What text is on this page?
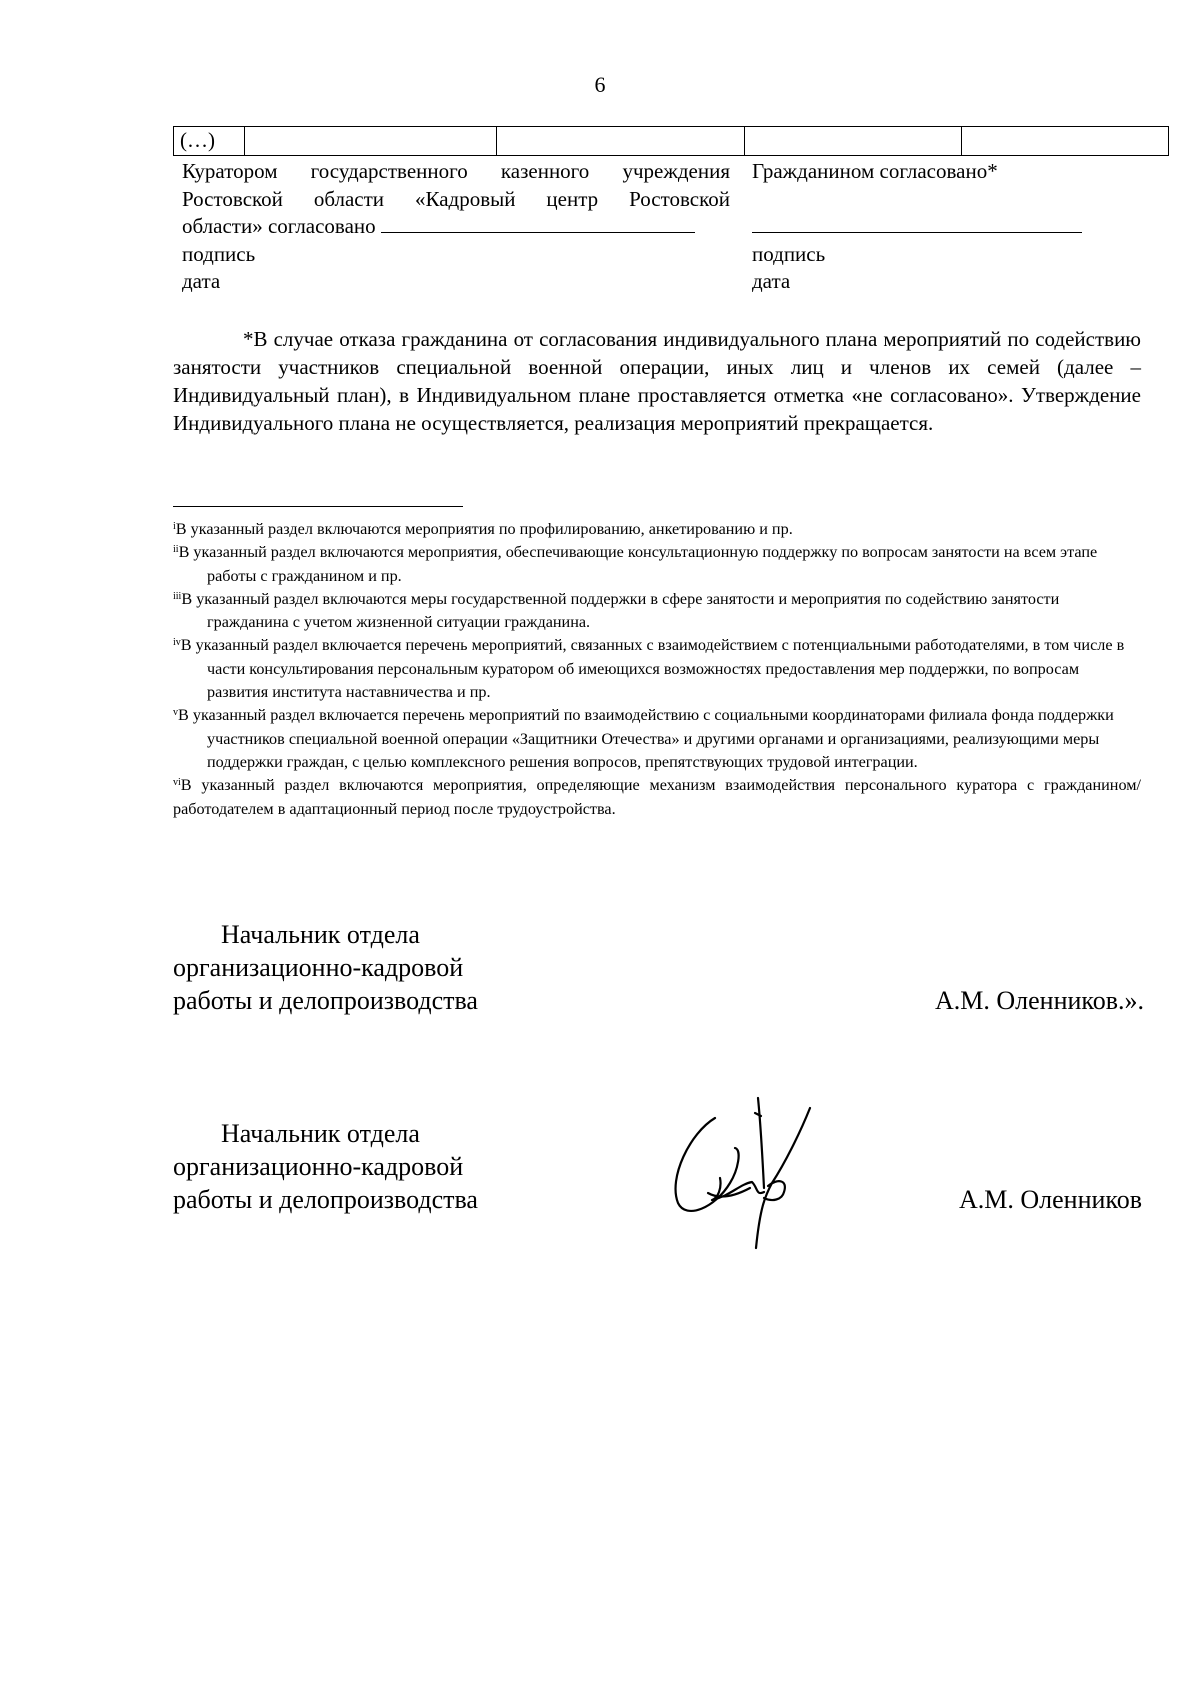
6
(…)				
Куратором государственного казенного учреждения
Ростовской области «Кадровый центр Ростовской
области» согласовано
подпись
дата
Гражданином согласовано*
подпись
дата

*В случае отказа гражданина от согласования индивидуального плана мероприятий по содействию занятости участников специальной военной операции, иных лиц и членов их семей (далее – Индивидуальный план), в Индивидуальном плане проставляется отметка «не согласовано». Утверждение Индивидуального плана не осуществляется, реализация мероприятий прекращается.

$^i$В указанный раздел включаются мероприятия по профилированию, анкетированию и пр.

$^{ii}$В указанный раздел включаются мероприятия, обеспечивающие консультационную поддержку по вопросам занятости на всем этапе работы с гражданином и пр.

$^{iii}$В указанный раздел включаются меры государственной поддержки в сфере занятости и мероприятия по содействию занятости гражданина с учетом жизненной ситуации гражданина.

$^{iv}$В указанный раздел включается перечень мероприятий, связанных с взаимодействием с потенциальными работодателями, в том числе в части консультирования персональным куратором об имеющихся возможностях предоставления мер поддержки, по вопросам развития института наставничества и пр.

$^v$В указанный раздел включается перечень мероприятий по взаимодействию с социальными координаторами филиала фонда поддержки участников специальной военной операции «Защитники Отечества» и другими органами и организациями, реализующими меры поддержки граждан, с целью комплексного решения вопросов, препятствующих трудовой интеграции.

$^{vi}$В указанный раздел включаются мероприятия, определяющие механизм взаимодействия персонального куратора с гражданином/работодателем в адаптационный период после трудоустройства.

Начальник отдела
организационно-кадровой
работы и делопроизводства	А.М. Оленников.».
Начальник отдела
организационно-кадровой
работы и делопроизводства	А.М. Оленников
